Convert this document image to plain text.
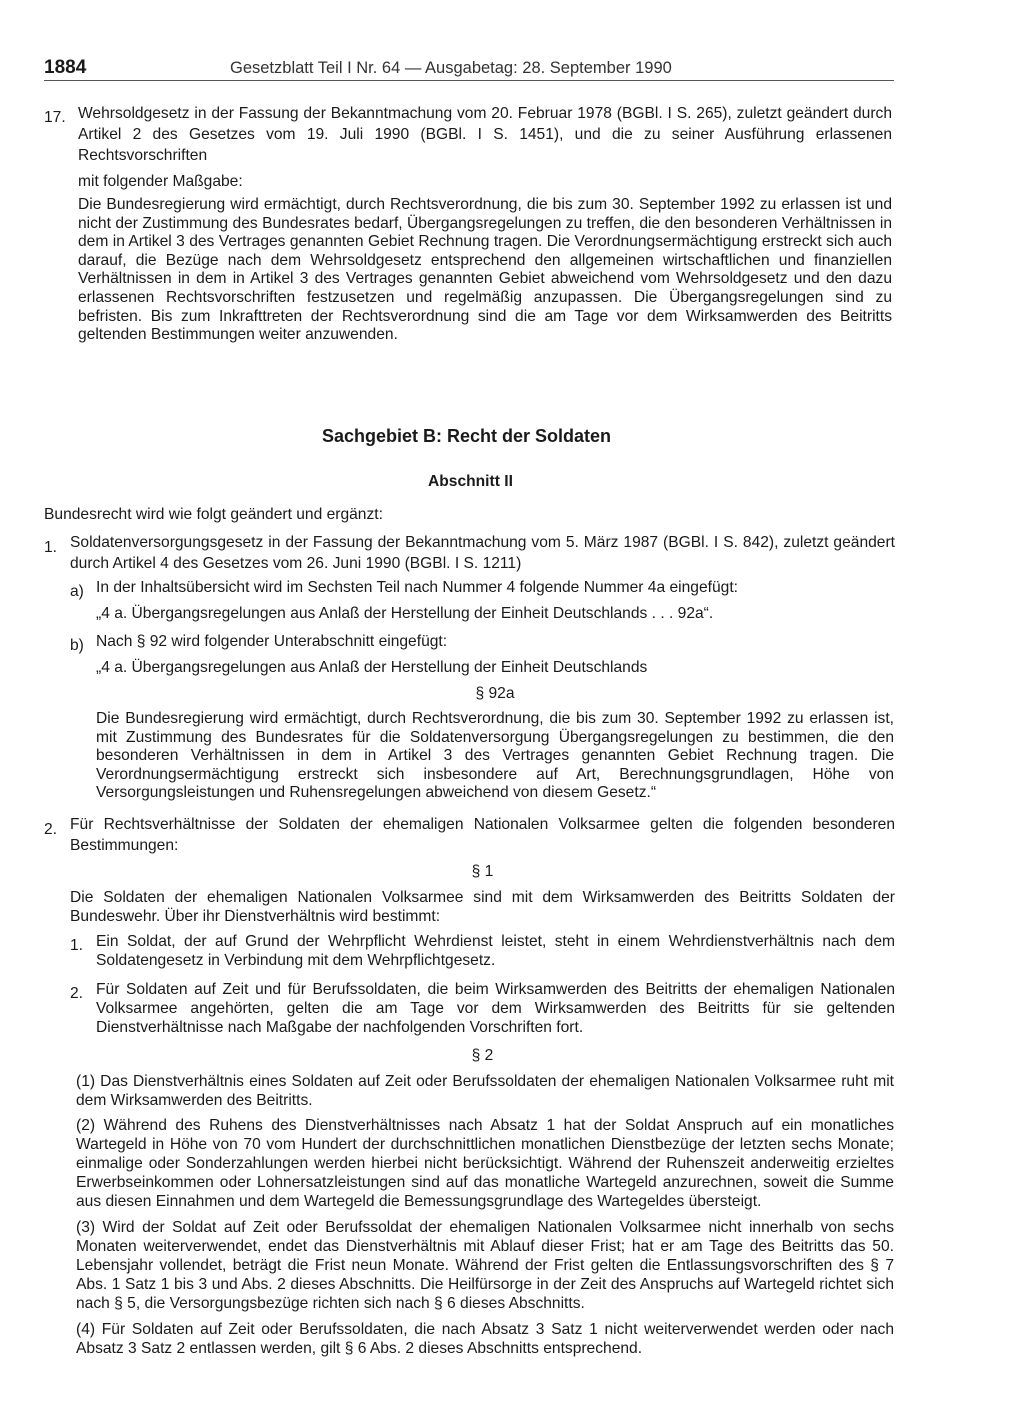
1884	Gesetzblatt Teil I Nr. 64 — Ausgabetag: 28. September 1990
17. Wehrsoldgesetz in der Fassung der Bekanntmachung vom 20. Februar 1978 (BGBl. I S. 265), zuletzt geändert durch Artikel 2 des Gesetzes vom 19. Juli 1990 (BGBl. I S. 1451), und die zu seiner Ausführung erlassenen Rechtsvorschriften

mit folgender Maßgabe:

Die Bundesregierung wird ermächtigt, durch Rechtsverordnung, die bis zum 30. September 1992 zu erlassen ist und nicht der Zustimmung des Bundesrates bedarf, Übergangsregelungen zu treffen, die den besonderen Verhältnissen in dem in Artikel 3 des Vertrages genannten Gebiet Rechnung tragen. Die Verordnungsermächtigung erstreckt sich auch darauf, die Bezüge nach dem Wehrsoldgesetz entsprechend den allgemeinen wirtschaftlichen und finanziellen Verhältnissen in dem in Artikel 3 des Vertrages genannten Gebiet abweichend vom Wehrsoldgesetz und den dazu erlassenen Rechtsvorschriften festzusetzen und regelmäßig anzupassen. Die Übergangsregelungen sind zu befristen. Bis zum Inkrafttreten der Rechtsverordnung sind die am Tage vor dem Wirksamwerden des Beitritts geltenden Bestimmungen weiter anzuwenden.

Sachgebiet B: Recht der Soldaten
Abschnitt II

Bundesrecht wird wie folgt geändert und ergänzt:

1. Soldatenversorgungsgesetz in der Fassung der Bekanntmachung vom 5. März 1987 (BGBl. I S. 842), zuletzt geändert durch Artikel 4 des Gesetzes vom 26. Juni 1990 (BGBl. I S. 1211)

a) In der Inhaltsübersicht wird im Sechsten Teil nach Nummer 4 folgende Nummer 4a eingefügt:

„4 a. Übergangsregelungen aus Anlaß der Herstellung der Einheit Deutschlands . . . 92a“.

b) Nach § 92 wird folgender Unterabschnitt eingefügt:

„4 a. Übergangsregelungen aus Anlaß der Herstellung der Einheit Deutschlands

§ 92a

Die Bundesregierung wird ermächtigt, durch Rechtsverordnung, die bis zum 30. September 1992 zu erlassen ist, mit Zustimmung des Bundesrates für die Soldatenversorgung Übergangsregelungen zu bestimmen, die den besonderen Verhältnissen in dem in Artikel 3 des Vertrages genannten Gebiet Rechnung tragen. Die Verordnungsermächtigung erstreckt sich insbesondere auf Art, Berechnungsgrundlagen, Höhe von Versorgungsleistungen und Ruhensregelungen abweichend von diesem Gesetz.“

2. Für Rechtsverhältnisse der Soldaten der ehemaligen Nationalen Volksarmee gelten die folgenden besonderen Bestimmungen:

§ 1

Die Soldaten der ehemaligen Nationalen Volksarmee sind mit dem Wirksamwerden des Beitritts Soldaten der Bundeswehr. Über ihr Dienstverhältnis wird bestimmt:

1. Ein Soldat, der auf Grund der Wehrpflicht Wehrdienst leistet, steht in einem Wehrdienstverhältnis nach dem Soldatengesetz in Verbindung mit dem Wehrpflichtgesetz.

2. Für Soldaten auf Zeit und für Berufssoldaten, die beim Wirksamwerden des Beitritts der ehemaligen Nationalen Volksarmee angehörten, gelten die am Tage vor dem Wirksamwerden des Beitritts für sie geltenden Dienstverhältnisse nach Maßgabe der nachfolgenden Vorschriften fort.

§ 2

(1) Das Dienstverhältnis eines Soldaten auf Zeit oder Berufssoldaten der ehemaligen Nationalen Volksarmee ruht mit dem Wirksamwerden des Beitritts.

(2) Während des Ruhens des Dienstverhältnisses nach Absatz 1 hat der Soldat Anspruch auf ein monatliches Wartegeld in Höhe von 70 vom Hundert der durchschnittlichen monatlichen Dienstbezüge der letzten sechs Monate; einmalige oder Sonderzahlungen werden hierbei nicht berücksichtigt. Während der Ruhenszeit anderweitig erzieltes Erwerbseinkommen oder Lohnersatzleistungen sind auf das monatliche Wartegeld anzurechnen, soweit die Summe aus diesen Einnahmen und dem Wartegeld die Bemessungsgrundlage des Wartegeldes übersteigt.

(3) Wird der Soldat auf Zeit oder Berufssoldat der ehemaligen Nationalen Volksarmee nicht innerhalb von sechs Monaten weiterverwendet, endet das Dienstverhältnis mit Ablauf dieser Frist; hat er am Tage des Beitritts das 50. Lebensjahr vollendet, beträgt die Frist neun Monate. Während der Frist gelten die Entlassungsvorschriften des § 7 Abs. 1 Satz 1 bis 3 und Abs. 2 dieses Abschnitts. Die Heilfürsorge in der Zeit des Anspruchs auf Wartegeld richtet sich nach § 5, die Versorgungsbezüge richten sich nach § 6 dieses Abschnitts.

(4) Für Soldaten auf Zeit oder Berufssoldaten, die nach Absatz 3 Satz 1 nicht weiterverwendet werden oder nach Absatz 3 Satz 2 entlassen werden, gilt § 6 Abs. 2 dieses Abschnitts entsprechend.
